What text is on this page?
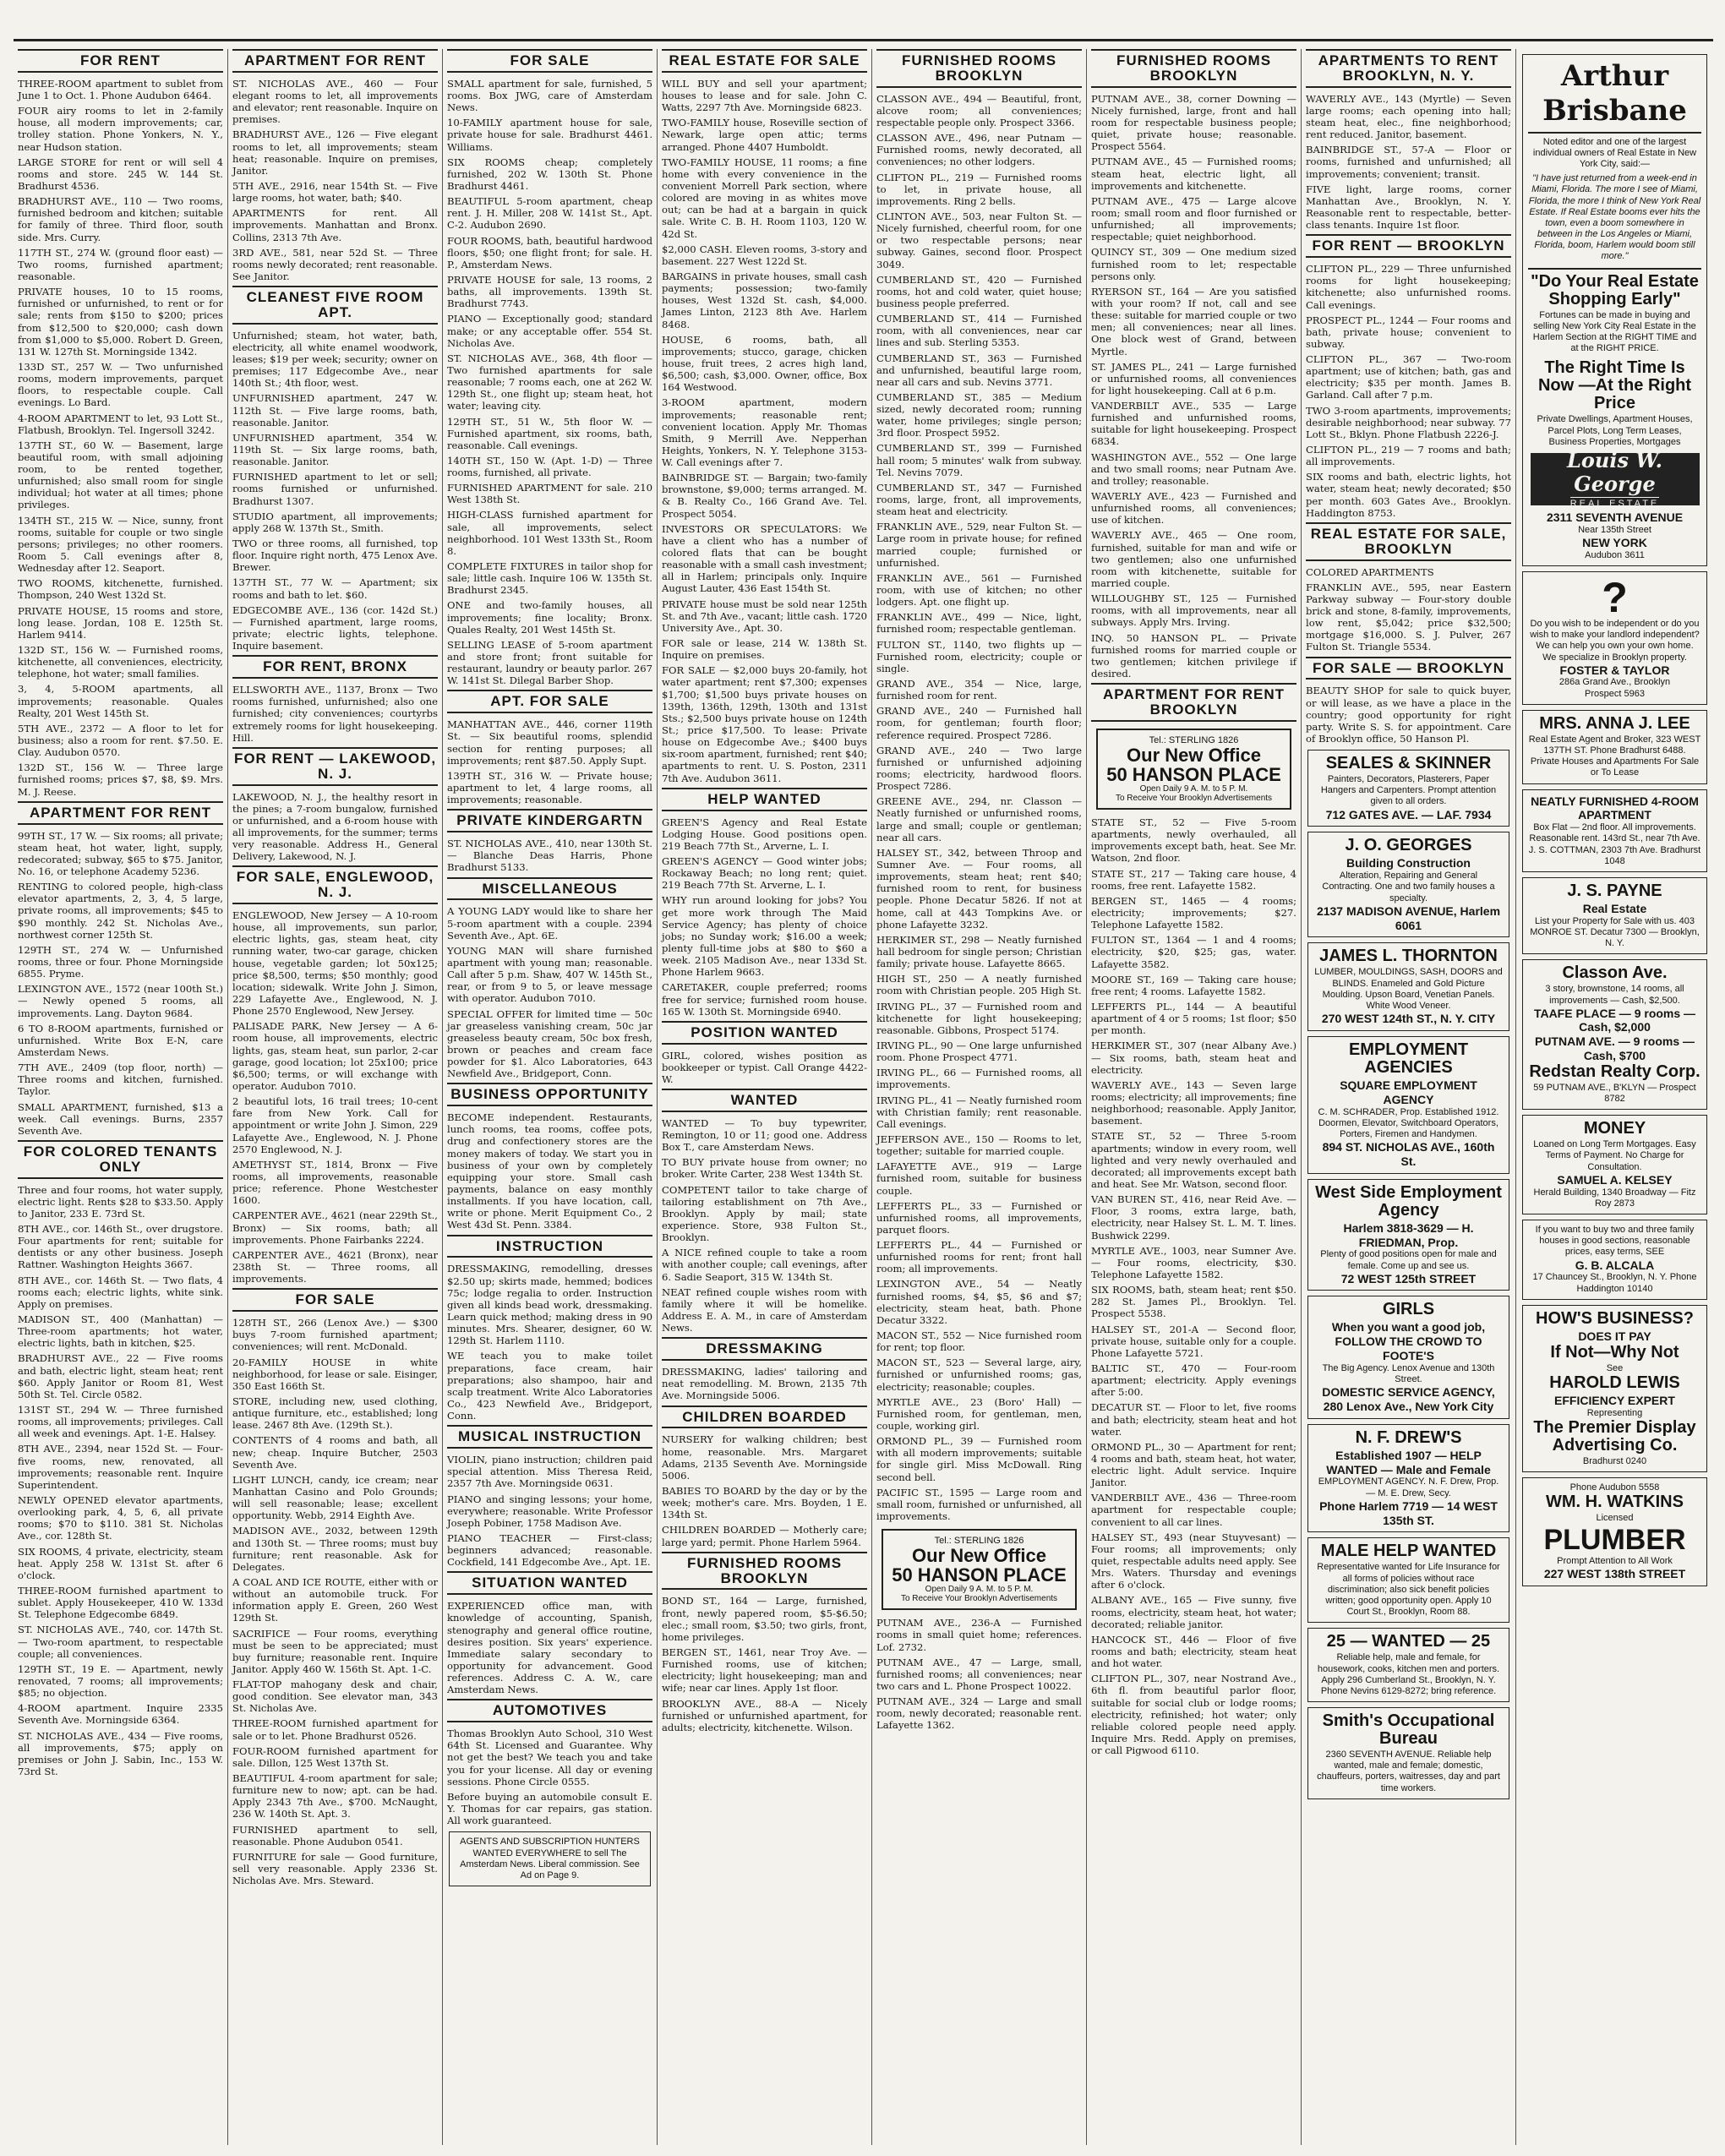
FOR RENT

THREE-ROOM apartment to sublet from June 1 to Oct. 1. Phone Audubon 6464.

FOUR airy rooms to let in 2-family house, all modern improvements; car, trolley station. Phone Yonkers, N. Y., near Hudson station.

LARGE STORE for rent or will sell 4 rooms and store. 245 W. 144 St. Bradhurst 4536.

BRADHURST AVE., 110 — Two rooms, furnished bedroom and kitchen; suitable for family of three. Third floor, south side. Mrs. Curry.

117TH ST., 274 W. (ground floor east) — Two rooms, furnished apartment; reasonable.

PRIVATE houses, 10 to 15 rooms, furnished or unfurnished, to rent or for sale; rents from $150 to $200; prices from $12,500 to $20,000; cash down from $1,000 to $5,000. Robert D. Green, 131 W. 127th St. Morningside 1342.

133D ST., 257 W. — Two unfurnished rooms, modern improvements, parquet floors, to respectable couple. Call evenings. Lo Bard.

4-ROOM APARTMENT to let, 93 Lott St., Flatbush, Brooklyn. Tel. Ingersoll 3242.

137TH ST., 60 W. — Basement, large beautiful room, with small adjoining room, to be rented together, unfurnished; also small room for single individual; hot water at all times; phone privileges.

134TH ST., 215 W. — Nice, sunny, front rooms, suitable for couple or two single persons; privileges; no other roomers. Room 5. Call evenings after 8, Wednesday after 12. Seaport.

TWO ROOMS, kitchenette, furnished. Thompson, 240 West 132d St.

PRIVATE HOUSE, 15 rooms and store, long lease. Jordan, 108 E. 125th St. Harlem 9414.

132D ST., 156 W. — Furnished rooms, kitchenette, all conveniences, electricity, telephone, hot water; small families.

3, 4, 5-ROOM apartments, all improvements; reasonable. Quales Realty, 201 West 145th St.

5TH AVE., 2372 — A floor to let for business; also a room for rent. $7.50. E. Clay. Audubon 0570.

132D ST., 156 W. — Three large furnished rooms; prices $7, $8, $9. Mrs. M. J. Reese.

APARTMENT FOR RENT

99TH ST., 17 W. — Six rooms; all private; steam heat, hot water, light, supply, redecorated; subway, $65 to $75. Janitor, No. 16, or telephone Academy 5236.

RENTING to colored people, high-class elevator apartments, 2, 3, 4, 5 large, private rooms, all improvements; $45 to $90 monthly. 242 St. Nicholas Ave., northwest corner 125th St.

129TH ST., 274 W. — Unfurnished rooms, three or four. Phone Morningside 6855. Pryme.

LEXINGTON AVE., 1572 (near 100th St.) — Newly opened 5 rooms, all improvements. Lang. Dayton 9684.

6 TO 8-ROOM apartments, furnished or unfurnished. Write Box E-N, care Amsterdam News.

7TH AVE., 2409 (top floor, north) — Three rooms and kitchen, furnished. Taylor.

SMALL APARTMENT, furnished, $13 a week. Call evenings. Burns, 2357 Seventh Ave.

FOR COLORED TENANTS ONLY

Three and four rooms, hot water supply, electric light. Rents $28 to $33.50. Apply to Janitor, 233 E. 73rd St.

8TH AVE., cor. 146th St., over drugstore. Four apartments for rent; suitable for dentists or any other business. Joseph Rattner. Washington Heights 3667.

8TH AVE., cor. 146th St. — Two flats, 4 rooms each; electric lights, white sink. Apply on premises.

MADISON ST., 400 (Manhattan) — Three-room apartments; hot water, electric lights, bath in kitchen, $25.

BRADHURST AVE., 22 — Five rooms and bath, electric light, steam heat; rent $60. Apply Janitor or Room 81, West 50th St. Tel. Circle 0582.

131ST ST., 294 W. — Three furnished rooms, all improvements; privileges. Call all week and evenings. Apt. 1-E. Halsey.

8TH AVE., 2394, near 152d St. — Four-five rooms, new, renovated, all improvements; reasonable rent. Inquire Superintendent.

NEWLY OPENED elevator apartments, overlooking park, 4, 5, 6, all private rooms; $70 to $110. 381 St. Nicholas Ave., cor. 128th St.

SIX ROOMS, 4 private, electricity, steam heat. Apply 258 W. 131st St. after 6 o'clock.

THREE-ROOM furnished apartment to sublet. Apply Housekeeper, 410 W. 133d St. Telephone Edgecombe 6849.

ST. NICHOLAS AVE., 740, cor. 147th St. — Two-room apartment, to respectable couple; all conveniences.

129TH ST., 19 E. — Apartment, newly renovated, 7 rooms; all improvements; $85; no objection.

4-ROOM apartment. Inquire 2335 Seventh Ave. Morningside 6364.

ST. NICHOLAS AVE., 434 — Five rooms, all improvements, $75; apply on premises or John J. Sabin, Inc., 153 W. 73rd St.

APARTMENT FOR RENT

ST. NICHOLAS AVE., 460 — Four elegant rooms to let, all improvements and elevator; rent reasonable. Inquire on premises.

BRADHURST AVE., 126 — Five elegant rooms to let, all improvements; steam heat; reasonable. Inquire on premises, Janitor.

5TH AVE., 2916, near 154th St. — Five large rooms, hot water, bath; $40.

APARTMENTS for rent. All improvements. Manhattan and Bronx. Collins, 2313 7th Ave.

3RD AVE., 581, near 52d St. — Three rooms newly decorated; rent reasonable. See Janitor.

CLEANEST FIVE ROOM APT.

Unfurnished; steam, hot water, bath, electricity, all white enamel woodwork, leases; $19 per week; security; owner on premises; 117 Edgecombe Ave., near 140th St.; 4th floor, west.

UNFURNISHED apartment, 247 W. 112th St. — Five large rooms, bath, reasonable. Janitor.

UNFURNISHED apartment, 354 W. 119th St. — Six large rooms, bath, reasonable. Janitor.

FURNISHED apartment to let or sell; rooms furnished or unfurnished. Bradhurst 1307.

STUDIO apartment, all improvements; apply 268 W. 137th St., Smith.

TWO or three rooms, all furnished, top floor. Inquire right north, 475 Lenox Ave. Brewer.

137TH ST., 77 W. — Apartment; six rooms and bath to let. $60.

EDGECOMBE AVE., 136 (cor. 142d St.) — Furnished apartment, large rooms, private; electric lights, telephone. Inquire basement.

FOR RENT, BRONX

ELLSWORTH AVE., 1137, Bronx — Two rooms furnished, unfurnished; also one furnished; city conveniences; courtyrbs extremely rooms for light housekeeping. Hill.

FOR RENT — LAKEWOOD, N. J.

LAKEWOOD, N. J., the healthy resort in the pines; a 7-room bungalow, furnished or unfurnished, and a 6-room house with all improvements, for the summer; terms very reasonable. Address H., General Delivery, Lakewood, N. J.

FOR SALE, ENGLEWOOD, N. J.

ENGLEWOOD, New Jersey — A 10-room house, all improvements, sun parlor, electric lights, gas, steam heat, city running water, two-car garage, chicken house, vegetable garden; lot 50x125; price $8,500, terms; $50 monthly; good location; sidewalk. Write John J. Simon, 229 Lafayette Ave., Englewood, N. J. Phone 2570 Englewood, New Jersey.

PALISADE PARK, New Jersey — A 6-room house, all improvements, electric lights, gas, steam heat, sun parlor, 2-car garage, good location; lot 25x100; price $6,500; terms, or will exchange with operator. Audubon 7010.

2 beautiful lots, 16 trail trees; 10-cent fare from New York. Call for appointment or write John J. Simon, 229 Lafayette Ave., Englewood, N. J. Phone 2570 Englewood, N. J.

AMETHYST ST., 1814, Bronx — Five rooms, all improvements, reasonable price; reference. Phone Westchester 1600.

CARPENTER AVE., 4621 (near 229th St., Bronx) — Six rooms, bath; all improvements. Phone Fairbanks 2224.

CARPENTER AVE., 4621 (Bronx), near 238th St. — Three rooms, all improvements.

FOR SALE

128TH ST., 266 (Lenox Ave.) — $300 buys 7-room furnished apartment; conveniences; will rent. McDonald.

20-FAMILY HOUSE in white neighborhood, for lease or sale. Eisinger, 350 East 166th St.

STORE, including new, used clothing, antique furniture, etc., established; long lease. 2467 8th Ave. (129th St.).

CONTENTS of 4 rooms and bath, all new; cheap. Inquire Butcher, 2503 Seventh Ave.

LIGHT LUNCH, candy, ice cream; near Manhattan Casino and Polo Grounds; will sell reasonable; lease; excellent opportunity. Webb, 2914 Eighth Ave.

MADISON AVE., 2032, between 129th and 130th St. — Three rooms; must buy furniture; rent reasonable. Ask for Delegates.

A COAL AND ICE ROUTE, either with or without an automobile truck. For information apply E. Green, 260 West 129th St.

SACRIFICE — Four rooms, everything must be seen to be appreciated; must buy furniture; reasonable rent. Inquire Janitor. Apply 460 W. 156th St. Apt. 1-C.

FLAT-TOP mahogany desk and chair, good condition. See elevator man, 343 St. Nicholas Ave.

THREE-ROOM furnished apartment for sale or to let. Phone Bradhurst 0526.

FOUR-ROOM furnished apartment for sale. Dillon, 125 West 137th St.

BEAUTIFUL 4-room apartment for sale; furniture new to now; apt. can be had. Apply 2343 7th Ave., $700. McNaught, 236 W. 140th St. Apt. 3.

FURNISHED apartment to sell, reasonable. Phone Audubon 0541.

FURNITURE for sale — Good furniture, sell very reasonable. Apply 2336 St. Nicholas Ave. Mrs. Steward.

FOR SALE

SMALL apartment for sale, furnished, 5 rooms. Box JWG, care of Amsterdam News.

10-FAMILY apartment house for sale, private house for sale. Bradhurst 4461. Williams.

SIX ROOMS cheap; completely furnished, 202 W. 130th St. Phone Bradhurst 4461.

BEAUTIFUL 5-room apartment, cheap rent. J. H. Miller, 208 W. 141st St., Apt. C-2. Audubon 2690.

FOUR ROOMS, bath, beautiful hardwood floors, $50; one flight front; for sale. H. P., Amsterdam News.

PRIVATE HOUSE for sale, 13 rooms, 2 baths, all improvements. 139th St. Bradhurst 7743.

PIANO — Exceptionally good; standard make; or any acceptable offer. 554 St. Nicholas Ave.

ST. NICHOLAS AVE., 368, 4th floor — Two furnished apartments for sale reasonable; 7 rooms each, one at 262 W. 129th St., one flight up; steam heat, hot water; leaving city.

129TH ST., 51 W., 5th floor W. — Furnished apartment, six rooms, bath, reasonable. Call evenings.

140TH ST., 150 W. (Apt. 1-D) — Three rooms, furnished, all private.

FURNISHED APARTMENT for sale. 210 West 138th St.

HIGH-CLASS furnished apartment for sale, all improvements, select neighborhood. 101 West 133th St., Room 8.

COMPLETE FIXTURES in tailor shop for sale; little cash. Inquire 106 W. 135th St. Bradhurst 2345.

ONE and two-family houses, all improvements; fine locality; Bronx. Quales Realty, 201 West 145th St.

SELLING LEASE of 5-room apartment and store front; front suitable for restaurant, laundry or beauty parlor. 267 W. 141st St. Dilegal Barber Shop.

APT. FOR SALE

MANHATTAN AVE., 446, corner 119th St. — Six beautiful rooms, splendid section for renting purposes; all improvements; rent $87.50. Apply Supt.

139TH ST., 316 W. — Private house; apartment to let, 4 large rooms, all improvements; reasonable.

PRIVATE KINDERGARTN

ST. NICHOLAS AVE., 410, near 130th St. — Blanche Deas Harris, Phone Bradhurst 5133.

MISCELLANEOUS

A YOUNG LADY would like to share her 5-room apartment with a couple. 2394 Seventh Ave., Apt. 6E.

YOUNG MAN will share furnished apartment with young man; reasonable. Call after 5 p.m. Shaw, 407 W. 145th St., rear, or from 9 to 5, or leave message with operator. Audubon 7010.

SPECIAL OFFER for limited time — 50c jar greaseless vanishing cream, 50c jar greaseless beauty cream, 50c box fresh, brown or peaches and cream face powder for $1. Alco Laboratories, 643 Newfield Ave., Bridgeport, Conn.

BUSINESS OPPORTUNITY

BECOME independent. Restaurants, lunch rooms, tea rooms, coffee pots, drug and confectionery stores are the money makers of today. We start you in business of your own by completely equipping your store. Small cash payments, balance on easy monthly installments. If you have location, call, write or phone. Merit Equipment Co., 2 West 43d St. Penn. 3384.

INSTRUCTION

DRESSMAKING, remodelling, dresses $2.50 up; skirts made, hemmed; bodices 75c; lodge regalia to order. Instruction given all kinds bead work, dressmaking. Learn quick method; making dress in 90 minutes. Mrs. Shearer, designer, 60 W. 129th St. Harlem 1110.

WE teach you to make toilet preparations, face cream, hair preparations; also shampoo, hair and scalp treatment. Write Alco Laboratories Co., 423 Newfield Ave., Bridgeport, Conn.

MUSICAL INSTRUCTION

VIOLIN, piano instruction; children paid special attention. Miss Theresa Reid, 2357 7th Ave. Morningside 0631.

PIANO and singing lessons; your home, everywhere; reasonable. Write Professor Joseph Pobiner, 1758 Madison Ave.

PIANO TEACHER — First-class; beginners advanced; reasonable. Cockfield, 141 Edgecombe Ave., Apt. 1E.

SITUATION WANTED

EXPERIENCED office man, with knowledge of accounting, Spanish, stenography and general office routine, desires position. Six years' experience. Immediate salary secondary to opportunity for advancement. Good references. Address C. A. W., care Amsterdam News.

AUTOMOTIVES

Thomas Brooklyn Auto School, 310 West 64th St. Licensed and Guarantee. Why not get the best? We teach you and take you for your license. All day or evening sessions. Phone Circle 0555.

Before buying an automobile consult E. Y. Thomas for car repairs, gas station. All work guaranteed.

AGENTS AND SUBSCRIPTION HUNTERS WANTED EVERYWHERE to sell The Amsterdam News. Liberal commission. See Ad on Page 9.
REAL ESTATE FOR SALE

WILL BUY and sell your apartment; houses to lease and for sale. John C. Watts, 2297 7th Ave. Morningside 6823.

TWO-FAMILY house, Roseville section of Newark, large open attic; terms arranged. Phone 4407 Humboldt.

TWO-FAMILY HOUSE, 11 rooms; a fine home with every convenience in the convenient Morrell Park section, where colored are moving in as whites move out; can be had at a bargain in quick sale. Write C. B. H. Room 1103, 120 W. 42d St.

$2,000 CASH. Eleven rooms, 3-story and basement. 227 West 122d St.

BARGAINS in private houses, small cash payments; possession; two-family houses, West 132d St. cash, $4,000. James Linton, 2123 8th Ave. Harlem 8468.

HOUSE, 6 rooms, bath, all improvements; stucco, garage, chicken house, fruit trees, 2 acres high land, $6,500; cash, $3,000. Owner, office, Box 164 Westwood.

3-ROOM apartment, modern improvements; reasonable rent; convenient location. Apply Mr. Thomas Smith, 9 Merrill Ave. Nepperhan Heights, Yonkers, N. Y. Telephone 3153-W. Call evenings after 7.

BAINBRIDGE ST. — Bargain; two-family brownstone, $9,000; terms arranged. M. & B. Realty Co., 166 Grand Ave. Tel. Prospect 5054.

INVESTORS OR SPECULATORS: We have a client who has a number of colored flats that can be bought reasonable with a small cash investment; all in Harlem; principals only. Inquire August Lauter, 436 East 154th St.

PRIVATE house must be sold near 125th St. and 7th Ave., vacant; little cash. 1720 University Ave., Apt. 30.

FOR sale or lease, 214 W. 138th St. Inquire on premises.

FOR SALE — $2,000 buys 20-family, hot water apartment; rent $7,300; expenses $1,700; $1,500 buys private houses on 139th, 136th, 129th, 130th and 131st Sts.; $2,500 buys private house on 124th St.; price $17,500. To lease: Private house on Edgecombe Ave.; $400 buys six-room apartment, furnished; rent $40; apartments to rent. U. S. Poston, 2311 7th Ave. Audubon 3611.

HELP WANTED

GREEN'S Agency and Real Estate Lodging House. Good positions open. 219 Beach 77th St., Arverne, L. I.

GREEN'S AGENCY — Good winter jobs; Rockaway Beach; no long rent; quiet. 219 Beach 77th St. Arverne, L. I.

WHY run around looking for jobs? You get more work through The Maid Service Agency; has plenty of choice jobs; no Sunday work; $16.00 a week; plenty full-time jobs at $80 to $60 a week. 2105 Madison Ave., near 133d St. Phone Harlem 9663.

CARETAKER, couple preferred; rooms free for service; furnished room house. 165 W. 130th St. Morningside 6940.

POSITION WANTED

GIRL, colored, wishes position as bookkeeper or typist. Call Orange 4422-W.

WANTED

WANTED — To buy typewriter, Remington, 10 or 11; good one. Address Box T., care Amsterdam News.

TO BUY private house from owner; no broker. Write Carter, 238 West 134th St.

COMPETENT tailor to take charge of tailoring establishment on 7th Ave., Brooklyn. Apply by mail; state experience. Store, 938 Fulton St., Brooklyn.

A NICE refined couple to take a room with another couple; call evenings, after 6. Sadie Seaport, 315 W. 134th St.

NEAT refined couple wishes room with family where it will be homelike. Address E. A. M., in care of Amsterdam News.

DRESSMAKING

DRESSMAKING, ladies' tailoring and neat remodelling. M. Brown, 2135 7th Ave. Morningside 5006.

CHILDREN BOARDED

NURSERY for walking children; best home, reasonable. Mrs. Margaret Adams, 2135 Seventh Ave. Morningside 5006.

BABIES TO BOARD by the day or by the week; mother's care. Mrs. Boyden, 1 E. 134th St.

CHILDREN BOARDED — Motherly care; large yard; permit. Phone Harlem 5964.

FURNISHED ROOMS BROOKLYN

BOND ST., 164 — Large, furnished, front, newly papered room, $5-$6.50; elec.; small room, $3.50; two girls, front, home privileges.

BERGEN ST., 1461, near Troy Ave. — Furnished rooms, use of kitchen; electricity; light housekeeping; man and wife; near car lines. Apply 1st floor.

BROOKLYN AVE., 88-A — Nicely furnished or unfurnished apartment, for adults; electricity, kitchenette. Wilson.

FURNISHED ROOMS BROOKLYN

CLASSON AVE., 494 — Beautiful, front, alcove room; all conveniences; respectable people only. Prospect 3366.

CLASSON AVE., 496, near Putnam — Furnished rooms, newly decorated, all conveniences; no other lodgers.

CLIFTON PL., 219 — Furnished rooms to let, in private house, all improvements. Ring 2 bells.

CLINTON AVE., 503, near Fulton St. — Nicely furnished, cheerful room, for one or two respectable persons; near subway. Gaines, second floor. Prospect 3049.

CUMBERLAND ST., 420 — Furnished rooms, hot and cold water, quiet house; business people preferred.

CUMBERLAND ST., 414 — Furnished room, with all conveniences, near car lines and sub. Sterling 5353.

CUMBERLAND ST., 363 — Furnished and unfurnished, beautiful large room, near all cars and sub. Nevins 3771.

CUMBERLAND ST., 385 — Medium sized, newly decorated room; running water, home privileges; single person; 3rd floor. Prospect 5952.

CUMBERLAND ST., 399 — Furnished hall room; 5 minutes' walk from subway. Tel. Nevins 7079.

CUMBERLAND ST., 347 — Furnished rooms, large, front, all improvements, steam heat and electricity.

FRANKLIN AVE., 529, near Fulton St. — Large room in private house; for refined married couple; furnished or unfurnished.

FRANKLIN AVE., 561 — Furnished room, with use of kitchen; no other lodgers. Apt. one flight up.

FRANKLIN AVE., 499 — Nice, light, furnished room; respectable gentleman.

FULTON ST., 1140, two flights up — Furnished room, electricity; couple or single.

GRAND AVE., 354 — Nice, large, furnished room for rent.

GRAND AVE., 240 — Furnished hall room, for gentleman; fourth floor; reference required. Prospect 7286.

GRAND AVE., 240 — Two large furnished or unfurnished adjoining rooms; electricity, hardwood floors. Prospect 7286.

GREENE AVE., 294, nr. Classon — Neatly furnished or unfurnished rooms, large and small; couple or gentleman; near all cars.

HALSEY ST., 342, between Throop and Sumner Ave. — Four rooms, all improvements, steam heat; rent $40; furnished room to rent, for business people. Phone Decatur 5826. If not at home, call at 443 Tompkins Ave. or phone Lafayette 3232.

HERKIMER ST., 298 — Neatly furnished hall bedroom for single person; Christian family; private house. Lafayette 8665.

HIGH ST., 250 — A neatly furnished room with Christian people. 205 High St.

IRVING PL., 37 — Furnished room and kitchenette for light housekeeping; reasonable. Gibbons, Prospect 5174.

IRVING PL., 90 — One large unfurnished room. Phone Prospect 4771.

IRVING PL., 66 — Furnished rooms, all improvements.

IRVING PL., 41 — Neatly furnished room with Christian family; rent reasonable. Call evenings.

JEFFERSON AVE., 150 — Rooms to let, together; suitable for married couple.

LAFAYETTE AVE., 919 — Large furnished room, suitable for business couple.

LEFFERTS PL., 33 — Furnished or unfurnished rooms, all improvements, parquet floors.

LEFFERTS PL., 44 — Furnished or unfurnished rooms for rent; front hall room; all improvements.

LEXINGTON AVE., 54 — Neatly furnished rooms, $4, $5, $6 and $7; electricity, steam heat, bath. Phone Decatur 3322.

MACON ST., 552 — Nice furnished room for rent; top floor.

MACON ST., 523 — Several large, airy, furnished or unfurnished rooms; gas, electricity; reasonable; couples.

MYRTLE AVE., 23 (Boro' Hall) — Furnished room, for gentleman, men, couple, working girl.

ORMOND PL., 39 — Furnished room with all modern improvements; suitable for single girl. Miss McDowall. Ring second bell.

PACIFIC ST., 1595 — Large room and small room, furnished or unfurnished, all improvements.

Tel.: STERLING 1826
Our New Office
50 HANSON PLACE
Open Daily 9 A. M. to 5 P. M.
To Receive Your Brooklyn Advertisements

PUTNAM AVE., 236-A — Furnished rooms in small quiet home; references. Lof. 2732.

PUTNAM AVE., 47 — Large, small, furnished rooms; all conveniences; near two cars and L. Phone Prospect 10022.

PUTNAM AVE., 324 — Large and small room, newly decorated; reasonable rent. Lafayette 1362.

FURNISHED ROOMS BROOKLYN

PUTNAM AVE., 38, corner Downing — Nicely furnished, large, front and hall room for respectable business people; quiet, private house; reasonable. Prospect 5564.

PUTNAM AVE., 45 — Furnished rooms; steam heat, electric light, all improvements and kitchenette.

PUTNAM AVE., 475 — Large alcove room; small room and floor furnished or unfurnished; all improvements; respectable; quiet neighborhood.

QUINCY ST., 309 — One medium sized furnished room to let; respectable persons only.

RYERSON ST., 164 — Are you satisfied with your room? If not, call and see these: suitable for married couple or two men; all conveniences; near all lines. One block west of Grand, between Myrtle.

ST. JAMES PL., 241 — Large furnished or unfurnished rooms, all conveniences for light housekeeping. Call at 6 p.m.

VANDERBILT AVE., 535 — Large furnished and unfurnished rooms, suitable for light housekeeping. Prospect 6834.

WASHINGTON AVE., 552 — One large and two small rooms; near Putnam Ave. and trolley; reasonable.

WAVERLY AVE., 423 — Furnished and unfurnished rooms, all conveniences; use of kitchen.

WAVERLY AVE., 465 — One room, furnished, suitable for man and wife or two gentlemen; also one unfurnished room with kitchenette, suitable for married couple.

WILLOUGHBY ST., 125 — Furnished rooms, with all improvements, near all subways. Apply Mrs. Irving.

INQ. 50 HANSON PL. — Private furnished rooms for married couple or two gentlemen; kitchen privilege if desired.

APARTMENT FOR RENT BROOKLYN
Tel.: STERLING 1826
Our New Office
50 HANSON PLACE
Open Daily 9 A. M. to 5 P. M.
To Receive Your Brooklyn Advertisements

STATE ST., 52 — Five 5-room apartments, newly overhauled, all improvements except bath, heat. See Mr. Watson, 2nd floor.

STATE ST., 217 — Taking care house, 4 rooms, free rent. Lafayette 1582.

BERGEN ST., 1465 — 4 rooms; electricity; improvements; $27. Telephone Lafayette 1582.

FULTON ST., 1364 — 1 and 4 rooms; electricity, $20, $25; gas, water. Lafayette 3582.

MOORE ST., 169 — Taking care house; free rent; 4 rooms. Lafayette 1582.

LEFFERTS PL., 144 — A beautiful apartment of 4 or 5 rooms; 1st floor; $50 per month.

HERKIMER ST., 307 (near Albany Ave.) — Six rooms, bath, steam heat and electricity.

WAVERLY AVE., 143 — Seven large rooms; electricity; all improvements; fine neighborhood; reasonable. Apply Janitor, basement.

STATE ST., 52 — Three 5-room apartments; window in every room, well lighted and very newly overhauled and decorated; all improvements except bath and heat. See Mr. Watson, second floor.

VAN BUREN ST., 416, near Reid Ave. — Floor, 3 rooms, extra large, bath, electricity, near Halsey St. L. M. T. lines. Bushwick 2299.

MYRTLE AVE., 1003, near Sumner Ave. — Four rooms, electricity, $30. Telephone Lafayette 1582.

SIX ROOMS, bath, steam heat; rent $50. 282 St. James Pl., Brooklyn. Tel. Prospect 5538.

HALSEY ST., 201-A — Second floor, private house, suitable only for a couple. Phone Lafayette 5721.

BALTIC ST., 470 — Four-room apartment; electricity. Apply evenings after 5:00.

DECATUR ST. — Floor to let, five rooms and bath; electricity, steam heat and hot water.

ORMOND PL., 30 — Apartment for rent; 4 rooms and bath, steam heat, hot water, electric light. Adult service. Inquire Janitor.

VANDERBILT AVE., 436 — Three-room apartment for respectable couple; convenient to all car lines.

HALSEY ST., 493 (near Stuyvesant) — Four rooms; all improvements; only quiet, respectable adults need apply. See Mrs. Waters. Thursday and evenings after 6 o'clock.

ALBANY AVE., 165 — Five sunny, five rooms, electricity, steam heat, hot water; decorated; reliable janitor.

HANCOCK ST., 446 — Floor of five rooms and bath; electricity, steam heat and hot water.

CLIFTON PL., 307, near Nostrand Ave., 6th fl. from beautiful parlor floor, suitable for social club or lodge rooms; electricity, refinished; hot water; only reliable colored people need apply. Inquire Mrs. Redd. Apply on premises, or call Pigwood 6110.

APARTMENTS TO RENT BROOKLYN, N. Y.

WAVERLY AVE., 143 (Myrtle) — Seven large rooms; each opening into hall; steam heat, elec., fine neighborhood; rent reduced. Janitor, basement.

BAINBRIDGE ST., 57-A — Floor or rooms, furnished and unfurnished; all improvements; convenient; transit.

FIVE light, large rooms, corner Manhattan Ave., Brooklyn, N. Y. Reasonable rent to respectable, better-class tenants. Inquire 1st floor.

FOR RENT — BROOKLYN

CLIFTON PL., 229 — Three unfurnished rooms for light housekeeping; kitchenette; also unfurnished rooms. Call evenings.

PROSPECT PL., 1244 — Four rooms and bath, private house; convenient to subway.

CLIFTON PL., 367 — Two-room apartment; use of kitchen; bath, gas and electricity; $35 per month. James B. Garland. Call after 7 p.m.

TWO 3-room apartments, improvements; desirable neighborhood; near subway. 77 Lott St., Bklyn. Phone Flatbush 2226-J.

CLIFTON PL., 219 — 7 rooms and bath; all improvements.

SIX rooms and bath, electric lights, hot water, steam heat; newly decorated; $50 per month. 603 Gates Ave., Brooklyn. Haddington 8753.

REAL ESTATE FOR SALE, BROOKLYN

COLORED APARTMENTS

FRANKLIN AVE., 595, near Eastern Parkway subway — Four-story double brick and stone, 8-family, improvements, low rent, $5,042; price $32,500; mortgage $16,000. S. J. Pulver, 267 Fulton St. Triangle 5534.

FOR SALE — BROOKLYN

BEAUTY SHOP for sale to quick buyer, or will lease, as we have a place in the country; good opportunity for right party. Write S. S. for appointment. Care of Brooklyn office, 50 Hanson Pl.

SEALES & SKINNER
Painters, Decorators, Plasterers, Paper Hangers and Carpenters. Prompt attention given to all orders.

712 GATES AVE. — LAF. 7934
J. O. GEORGES
Building Construction
Alteration, Repairing and General Contracting. One and two family houses a specialty.

2137 MADISON AVENUE, Harlem 6061
JAMES L. THORNTON
LUMBER, MOULDINGS, SASH, DOORS and BLINDS. Enameled and Gold Picture Moulding. Upson Board, Venetian Panels. White Wood Veneer.

270 WEST 124th ST., N. Y. CITY
EMPLOYMENT AGENCIES
SQUARE EMPLOYMENT AGENCY
C. M. SCHRADER, Prop. Established 1912. Doormen, Elevator, Switchboard Operators, Porters, Firemen and Handymen.

894 ST. NICHOLAS AVE., 160th St.
West Side Employment Agency
Harlem 3818-3629 — H. FRIEDMAN, Prop.
Plenty of good positions open for male and female. Come up and see us.

72 WEST 125th STREET
GIRLS
When you want a good job, FOLLOW THE CROWD TO FOOTE'S
The Big Agency. Lenox Avenue and 130th Street.

DOMESTIC SERVICE AGENCY, 280 Lenox Ave., New York City
N. F. DREW'S
Established 1907 — HELP WANTED — Male and Female
EMPLOYMENT AGENCY. N. F. Drew, Prop. — M. E. Drew, Secy.

Phone Harlem 7719 — 14 WEST 135th ST.
MALE HELP WANTED
Representative wanted for Life Insurance for all forms of policies without race discrimination; also sick benefit policies written; good opportunity open. Apply 10 Court St., Brooklyn, Room 88.
25 — WANTED — 25
Reliable help, male and female, for housework, cooks, kitchen men and porters. Apply 296 Cumberland St., Brooklyn, N. Y. Phone Nevins 6129-8272; bring reference.
Smith's Occupational Bureau
2360 SEVENTH AVENUE. Reliable help wanted, male and female; domestic, chauffeurs, porters, waitresses, day and part time workers.
Arthur Brisbane
Noted editor and one of the largest individual owners of Real Estate in New York City, said:—
"I have just returned from a week-end in Miami, Florida. The more I see of Miami, Florida, the more I think of New York Real Estate. If Real Estate booms ever hits the town, even a boom somewhere in between in the Los Angeles or Miami, Florida, boom, Harlem would boom still more."
"Do Your Real Estate Shopping Early"
Fortunes can be made in buying and selling New York City Real Estate in the Harlem Section at the RIGHT TIME and at the RIGHT PRICE.
The Right Time Is Now —At the Right Price
Private Dwellings, Apartment Houses, Parcel Plots, Long Term Leases, Business Properties, Mortgages
Louis W. George
REAL ESTATE
2311 SEVENTH AVENUE
Near 135th Street

NEW YORK
Audubon 3611
?
Do you wish to be independent or do you wish to make your landlord independent? We can help you own your own home. We specialize in Brooklyn property.
FOSTER & TAYLOR
286a Grand Ave., Brooklyn
Prospect 5963
MRS. ANNA J. LEE
Real Estate Agent and Broker, 323 WEST 137TH ST. Phone Bradhurst 6488. Private Houses and Apartments For Sale or To Lease
NEATLY FURNISHED 4-ROOM APARTMENT
Box Flat — 2nd floor. All improvements. Reasonable rent. 143rd St., near 7th Ave.
J. S. COTTMAN, 2303 7th Ave. Bradhurst 1048
J. S. PAYNE
Real Estate
List your Property for Sale with us. 403 MONROE ST. Decatur 7300 — Brooklyn, N. Y.
Classon Ave.
3 story, brownstone, 14 rooms, all improvements — Cash, $2,500.
TAAFE PLACE — 9 rooms — Cash, $2,000
PUTNAM AVE. — 9 rooms — Cash, $700
Redstan Realty Corp.
59 PUTNAM AVE., B'KLYN — Prospect 8782
MONEY
Loaned on Long Term Mortgages. Easy Terms of Payment. No Charge for Consultation.
SAMUEL A. KELSEY
Herald Building, 1340 Broadway — Fitz Roy 2873
If you want to buy two and three family houses in good sections, reasonable prices, easy terms, SEE
G. B. ALCALA
17 Chauncey St., Brooklyn, N. Y. Phone Haddington 10140
HOW'S BUSINESS?
DOES IT PAY
If Not—Why Not
See
HAROLD LEWIS
EFFICIENCY EXPERT
Representing
The Premier Display Advertising Co.
Bradhurst 0240
Phone Audubon 5558
WM. H. WATKINS
Licensed
PLUMBER
Prompt Attention to All Work
227 WEST 138th STREET
